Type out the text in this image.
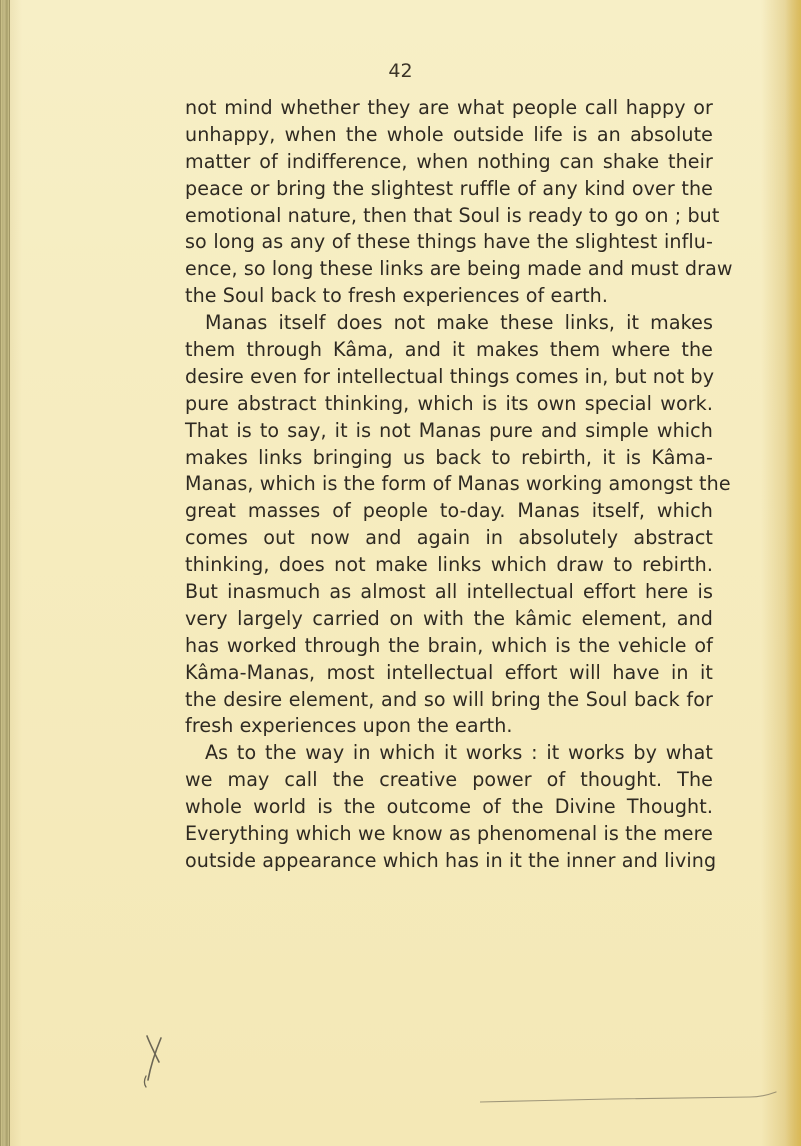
42
not mind whether they are what people call happy or
unhappy, when the whole outside life is an absolute
matter of indifference, when nothing can shake their
peace or bring the slightest ruffle of any kind over the
emotional nature, then that Soul is ready to go on ; but
so long as any of these things have the slightest influ-
ence, so long these links are being made and must draw
the Soul back to fresh experiences of earth.
Manas itself does not make these links, it makes
them through Kâma, and it makes them where the
desire even for intellectual things comes in, but not by
pure abstract thinking, which is its own special work.
That is to say, it is not Manas pure and simple which
makes links bringing us back to rebirth, it is Kâma-
Manas, which is the form of Manas working amongst the
great masses of people to-day. Manas itself, which
comes out now and again in absolutely abstract
thinking, does not make links which draw to rebirth.
But inasmuch as almost all intellectual effort here is
very largely carried on with the kâmic element, and
has worked through the brain, which is the vehicle of
Kâma-Manas, most intellectual effort will have in it
the desire element, and so will bring the Soul back for
fresh experiences upon the earth.
As to the way in which it works : it works by what
we may call the creative power of thought. The
whole world is the outcome of the Divine Thought.
Everything which we know as phenomenal is the mere
outside appearance which has in it the inner and living
